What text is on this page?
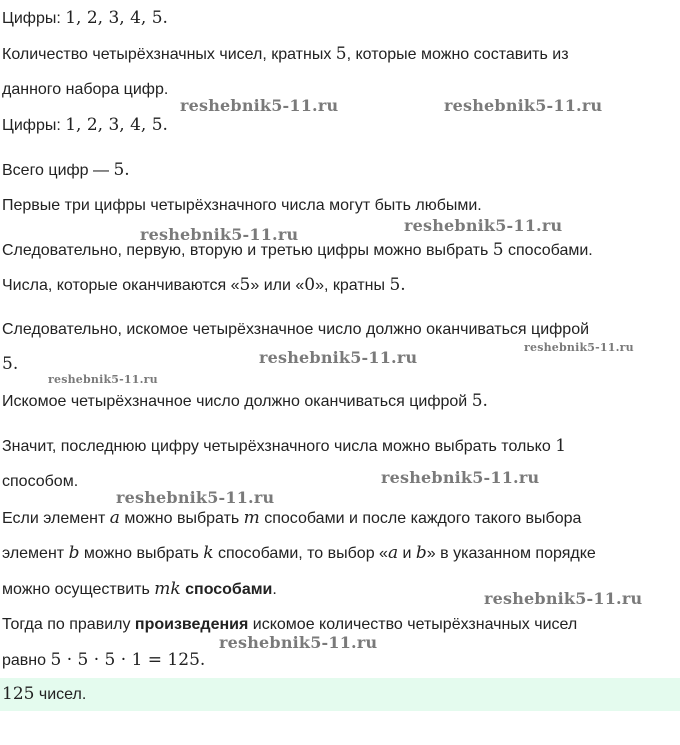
Цифры: 1, 2, 3, 4, 5.
Количество четырёхзначных чисел, кратных 5, которые можно составить из
данного набора цифр.
Цифры: 1, 2, 3, 4, 5.
Всего цифр — 5.
Первые три цифры четырёхзначного числа могут быть любыми.
Следовательно, первую, вторую и третью цифры можно выбрать 5 способами.
Числа, которые оканчиваются «5» или «0», кратны 5.
Следовательно, искомое четырёхзначное число должно оканчиваться цифрой
5.
Искомое четырёхзначное число должно оканчиваться цифрой 5.
Значит, последнюю цифру четырёхзначного числа можно выбрать только 1
способом.
Если элемент a можно выбрать m способами и после каждого такого выбора
элемент b можно выбрать k способами, то выбор «a и b» в указанном порядке
можно осуществить mk способами.
Тогда по правилу произведения искомое количество четырёхзначных чисел
равно 5 · 5 · 5 · 1 = 125.
125 чисел.
reshebnik5-11.ru	reshebnik5-11.ru
reshebnik5-11.ru
reshebnik5-11.ru
reshebnik5-11.ru
reshebnik5-11.ru
reshebnik5-11.ru
reshebnik5-11.ru
reshebnik5-11.ru
reshebnik5-11.ru
reshebnik5-11.ru
